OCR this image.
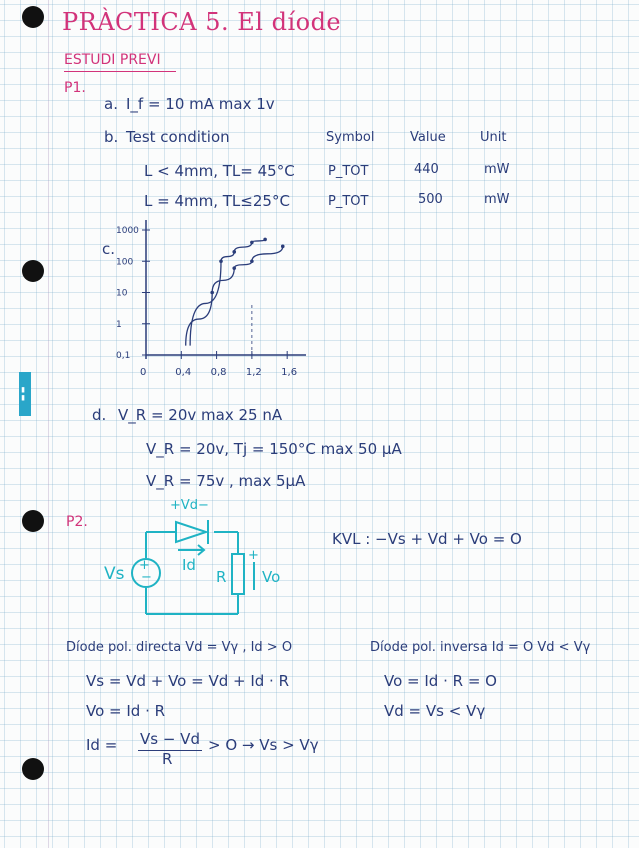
▮▮
PRÀCTICA 5. El díode
ESTUDI PREVI
P1.
a. I_f = 10 mA max 1v
b. Test condition	Symbol	Value	Unit
L < 4mm, TL= 45°C	P_TOT	440	mW
L = 4mm, TL≤25°C	P_TOT	500	mW
c.
0	0,4 0,8 1,2 1,6
0,1
1
10
100
1000
d. V_R = 20v max 25 nA
V_R = 20v, Tj = 150°C max 50 μA
V_R = 75v , max 5μA
P2.
+
−
Vs
+Vd−
Id
R
+
Vo
KVL : −Vs + Vd + Vo = O
Díode pol. directa Vd = Vγ , Id > O
Vs = Vd + Vo = Vd + Id · R
Vo = Id · R
Id = Vs − Vd
R
> O → Vs > Vγ
Díode pol. inversa Id = O Vd < Vγ
Vo = Id · R = O
Vd = Vs < Vγ
